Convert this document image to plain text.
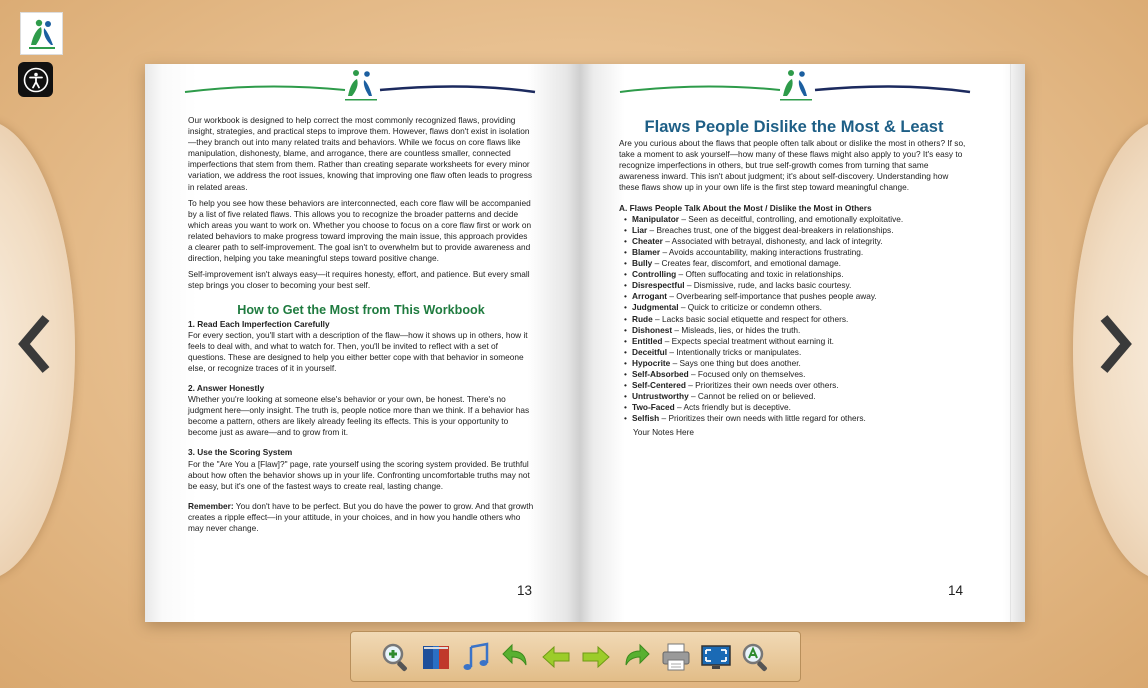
Our workbook is designed to help correct the most commonly recognized flaws, providing insight, strategies, and practical steps to improve them. However, flaws don't exist in isolation—they branch out into many related traits and behaviors. While we focus on core flaws like manipulation, dishonesty, blame, and arrogance, there are countless smaller, connected imperfections that stem from them. Rather than creating separate worksheets for every minor variation, we address the root issues, knowing that improving one flaw often leads to progress in related areas.

To help you see how these behaviors are interconnected, each core flaw will be accompanied by a list of five related flaws. This allows you to recognize the broader patterns and decide which areas you want to work on. Whether you choose to focus on a core flaw first or work on related behaviors to make progress toward improving the main issue, this approach provides a clearer path to self-improvement. The goal isn't to overwhelm but to provide awareness and direction, helping you take meaningful steps toward positive change.

Self-improvement isn't always easy—it requires honesty, effort, and patience. But every small step brings you closer to becoming your best self.

How to Get the Most from This Workbook
1. Read Each Imperfection Carefully

For every section, you'll start with a description of the flaw—how it shows up in others, how it feels to deal with, and what to watch for. Then, you'll be invited to reflect with a set of questions. These are designed to help you either better cope with that behavior in someone else, or recognize traces of it in yourself.

2. Answer Honestly

Whether you're looking at someone else's behavior or your own, be honest. There's no judgment here—only insight. The truth is, people notice more than we think. If a behavior has become a pattern, others are likely already feeling its effects. This is your opportunity to become just as aware—and to grow from it.

3. Use the Scoring System

For the "Are You a [Flaw]?" page, rate yourself using the scoring system provided. Be truthful about how often the behavior shows up in your life. Confronting uncomfortable truths may not be easy, but it's one of the fastest ways to create real, lasting change.

Remember: You don't have to be perfect. But you do have the power to grow. And that growth creates a ripple effect—in your attitude, in your choices, and in how you handle others who may never change.

Flaws People Dislike the Most & Least

Are you curious about the flaws that people often talk about or dislike the most in others? If so, take a moment to ask yourself—how many of these flaws might also apply to you? It's easy to recognize imperfections in others, but true self-growth comes from turning that same awareness inward. This isn't about judgment; it's about self-discovery. Understanding how these flaws show up in your own life is the first step toward meaningful change.

A. Flaws People Talk About the Most / Dislike the Most in Others
• Manipulator – Seen as deceitful, controlling, and emotionally exploitative.
• Liar – Breaches trust, one of the biggest deal-breakers in relationships.
• Cheater – Associated with betrayal, dishonesty, and lack of integrity.
• Blamer – Avoids accountability, making interactions frustrating.
• Bully – Creates fear, discomfort, and emotional damage.
• Controlling – Often suffocating and toxic in relationships.
• Disrespectful – Dismissive, rude, and lacks basic courtesy.
• Arrogant – Overbearing self-importance that pushes people away.
• Judgmental – Quick to criticize or condemn others.
• Rude – Lacks basic social etiquette and respect for others.
• Dishonest – Misleads, lies, or hides the truth.
• Entitled – Expects special treatment without earning it.
• Deceitful – Intentionally tricks or manipulates.
• Hypocrite – Says one thing but does another.
• Self-Absorbed – Focused only on themselves.
• Self-Centered – Prioritizes their own needs over others.
• Untrustworthy – Cannot be relied on or believed.
• Two-Faced – Acts friendly but is deceptive.
• Selfish – Prioritizes their own needs with little regard for others.

Your Notes Here

13	14
